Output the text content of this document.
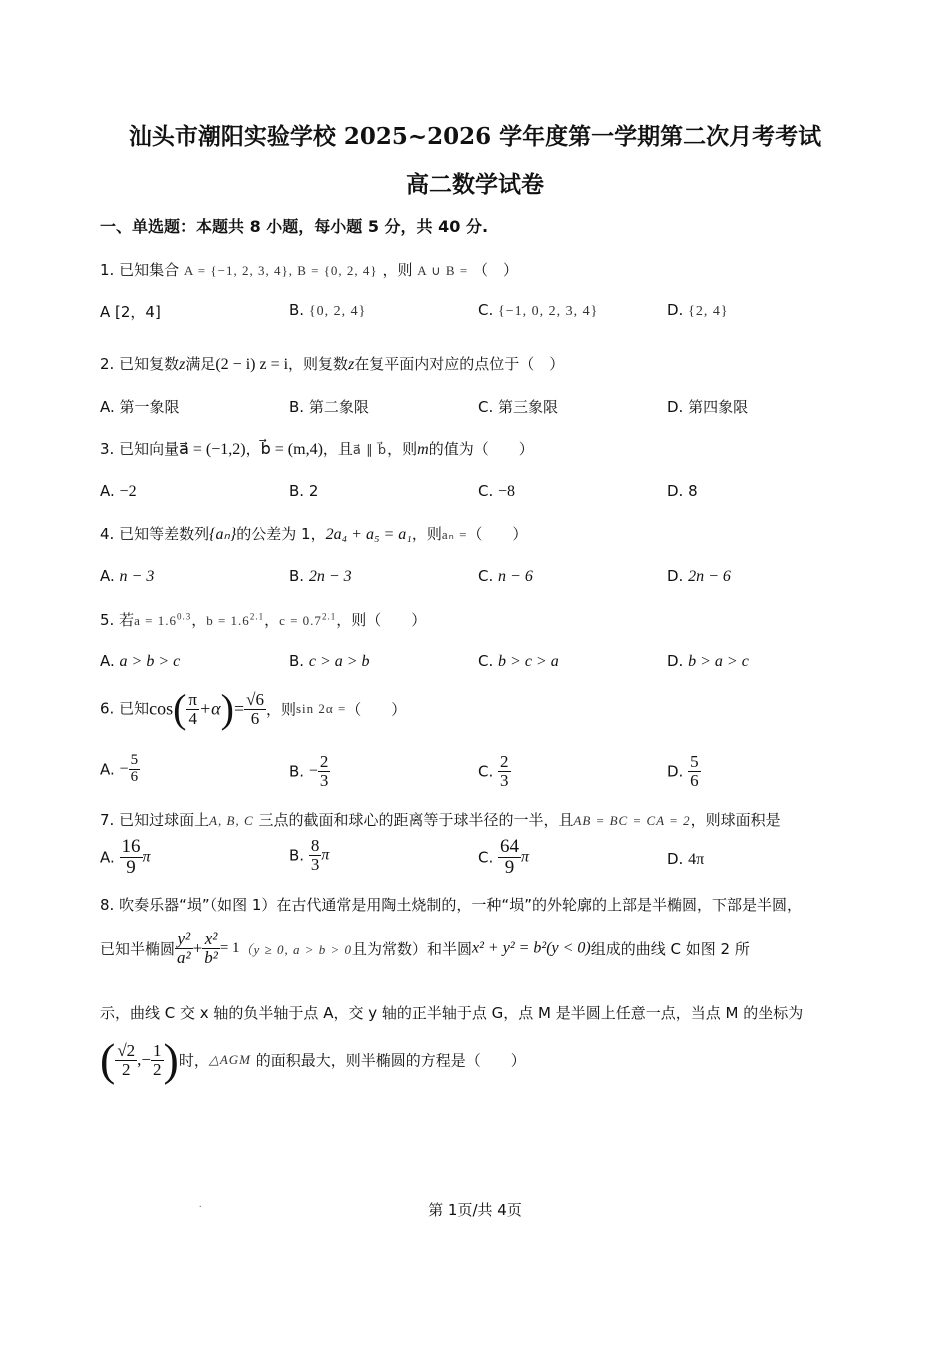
汕头市潮阳实验学校 2025~2026 学年度第一学期第二次月考考试
高二数学试卷
一、单选题：本题共 8 小题，每小题 5 分，共 40 分.
1. 已知集合 A = {−1, 2, 3, 4}, B = {0, 2, 4} ，则 A ∪ B = （　）
A [2，4]	B. {0, 2, 4}	C. {−1, 0, 2, 3, 4}	D. {2, 4}
2. 已知复数z满足(2 − i) z = i，则复数z在复平面内对应的点位于（　）
A. 第一象限	B. 第二象限	C. 第三象限	D. 第四象限
3. 已知向量a⃗ = (−1,2)，b⃗ = (m,4)，且a⃗ ∥ b⃗，则m的值为（　　）
A. −2	B. 2	C. −8	D. 8
4. 已知等差数列{aₙ}的公差为 1，2a₄ + a₅ = a₁，则aₙ =（　　）
A. n − 3	B. 2n − 3	C. n − 6	D. 2n − 6
5. 若$a = 1.6^{0.3}$，$b = 1.6^{2.1}$，$c = 0.7^{2.1}$，则（　　）
A. a > b > c	B. c > a > b	C. b > c > a	D. b > a > c
6. 已知$\cos( \frac{\pi}{4} +\alpha)= \frac{√6}{6}$ ，则sin 2α =（　　）
A. − $\frac{5}{6}$	B. − $\frac{2}{3}$	C. $\frac{2}{3}$	D. $\frac{5}{6}$
7. 已知过球面上A, B, C 三点的截面和球心的距离等于球半径的一半，且AB = BC = CA = 2，则球面积是
A. $\frac{16}{9}$ π	B. $\frac{8}{3}$ π	C. $\frac{64}{9}$ π	D. 4π
8. 吹奏乐器“埙”（如图 1）在古代通常是用陶土烧制的，一种“埙”的外轮廓的上部是半椭圆，下部是半圆，
已知半椭圆 $\frac{\text{y²}}{\text{a²}} + \frac{\text{x²}}{\text{b²}} = 1(y \ge 0$, a > b > 0且为常数）和半圆x² + y² = b²(y < 0)组成的曲线 C 如图 2 所
示，曲线 C 交 x 轴的负半轴于点 A，交 y 轴的正半轴于点 G，点 M 是半圆上任意一点，当点 M 的坐标为
( $\frac{√2}{2}$ ,− $\frac{1}{2}$ )时，△AGM 的面积最大，则半椭圆的方程是（　　）
.	第 1页/共 4页
